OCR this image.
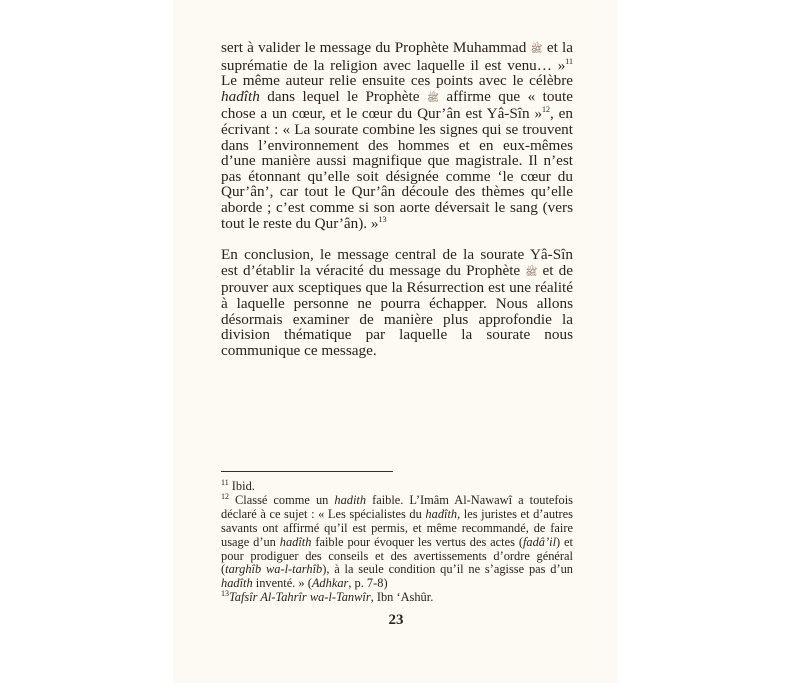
sert à valider le message du Prophète Muhammad ﷺ et la suprématie de la religion avec laquelle il est venu… »$^{11}$ Le même auteur relie ensuite ces points avec le célèbre hadîth dans lequel le Prophète ﷺ affirme que « toute chose a un cœur, et le cœur du Qur’ân est Yâ-Sîn »$^{12}$, en écrivant : « La sourate combine les signes qui se trouvent dans l’environnement des hommes et en eux-mêmes d’une manière aussi magnifique que magistrale. Il n’est pas étonnant qu’elle soit désignée comme ‘le cœur du Qur’ân’, car tout le Qur’ân découle des thèmes qu’elle aborde ; c’est comme si son aorte déversait le sang (vers tout le reste du Qur’ân). »$^{13}$

En conclusion, le message central de la sourate Yâ-Sîn est d’établir la véracité du message du Prophète ﷺ et de prouver aux sceptiques que la Résurrection est une réalité à laquelle personne ne pourra échapper. Nous allons désormais examiner de manière plus approfondie la division thématique par laquelle la sourate nous communique ce message.

$^{11}$ Ibid.

$^{12}$ Classé comme un hadith faible. L’Imâm Al-Nawawî a toutefois déclaré à ce sujet : « Les spécialistes du hadîth, les juristes et d’autres savants ont affirmé qu’il est permis, et même recommandé, de faire usage d’un hadîth faible pour évoquer les vertus des actes (fadâ’il) et pour prodiguer des conseils et des avertissements d’ordre général (targhîb wa-l-tarhîb), à la seule condition qu’il ne s’agisse pas d’un hadîth inventé. » (Adhkar, p. 7-8)

$^{13}$Tafsîr Al-Tahrîr wa-l-Tanwîr, Ibn ‘Ashûr.

23
